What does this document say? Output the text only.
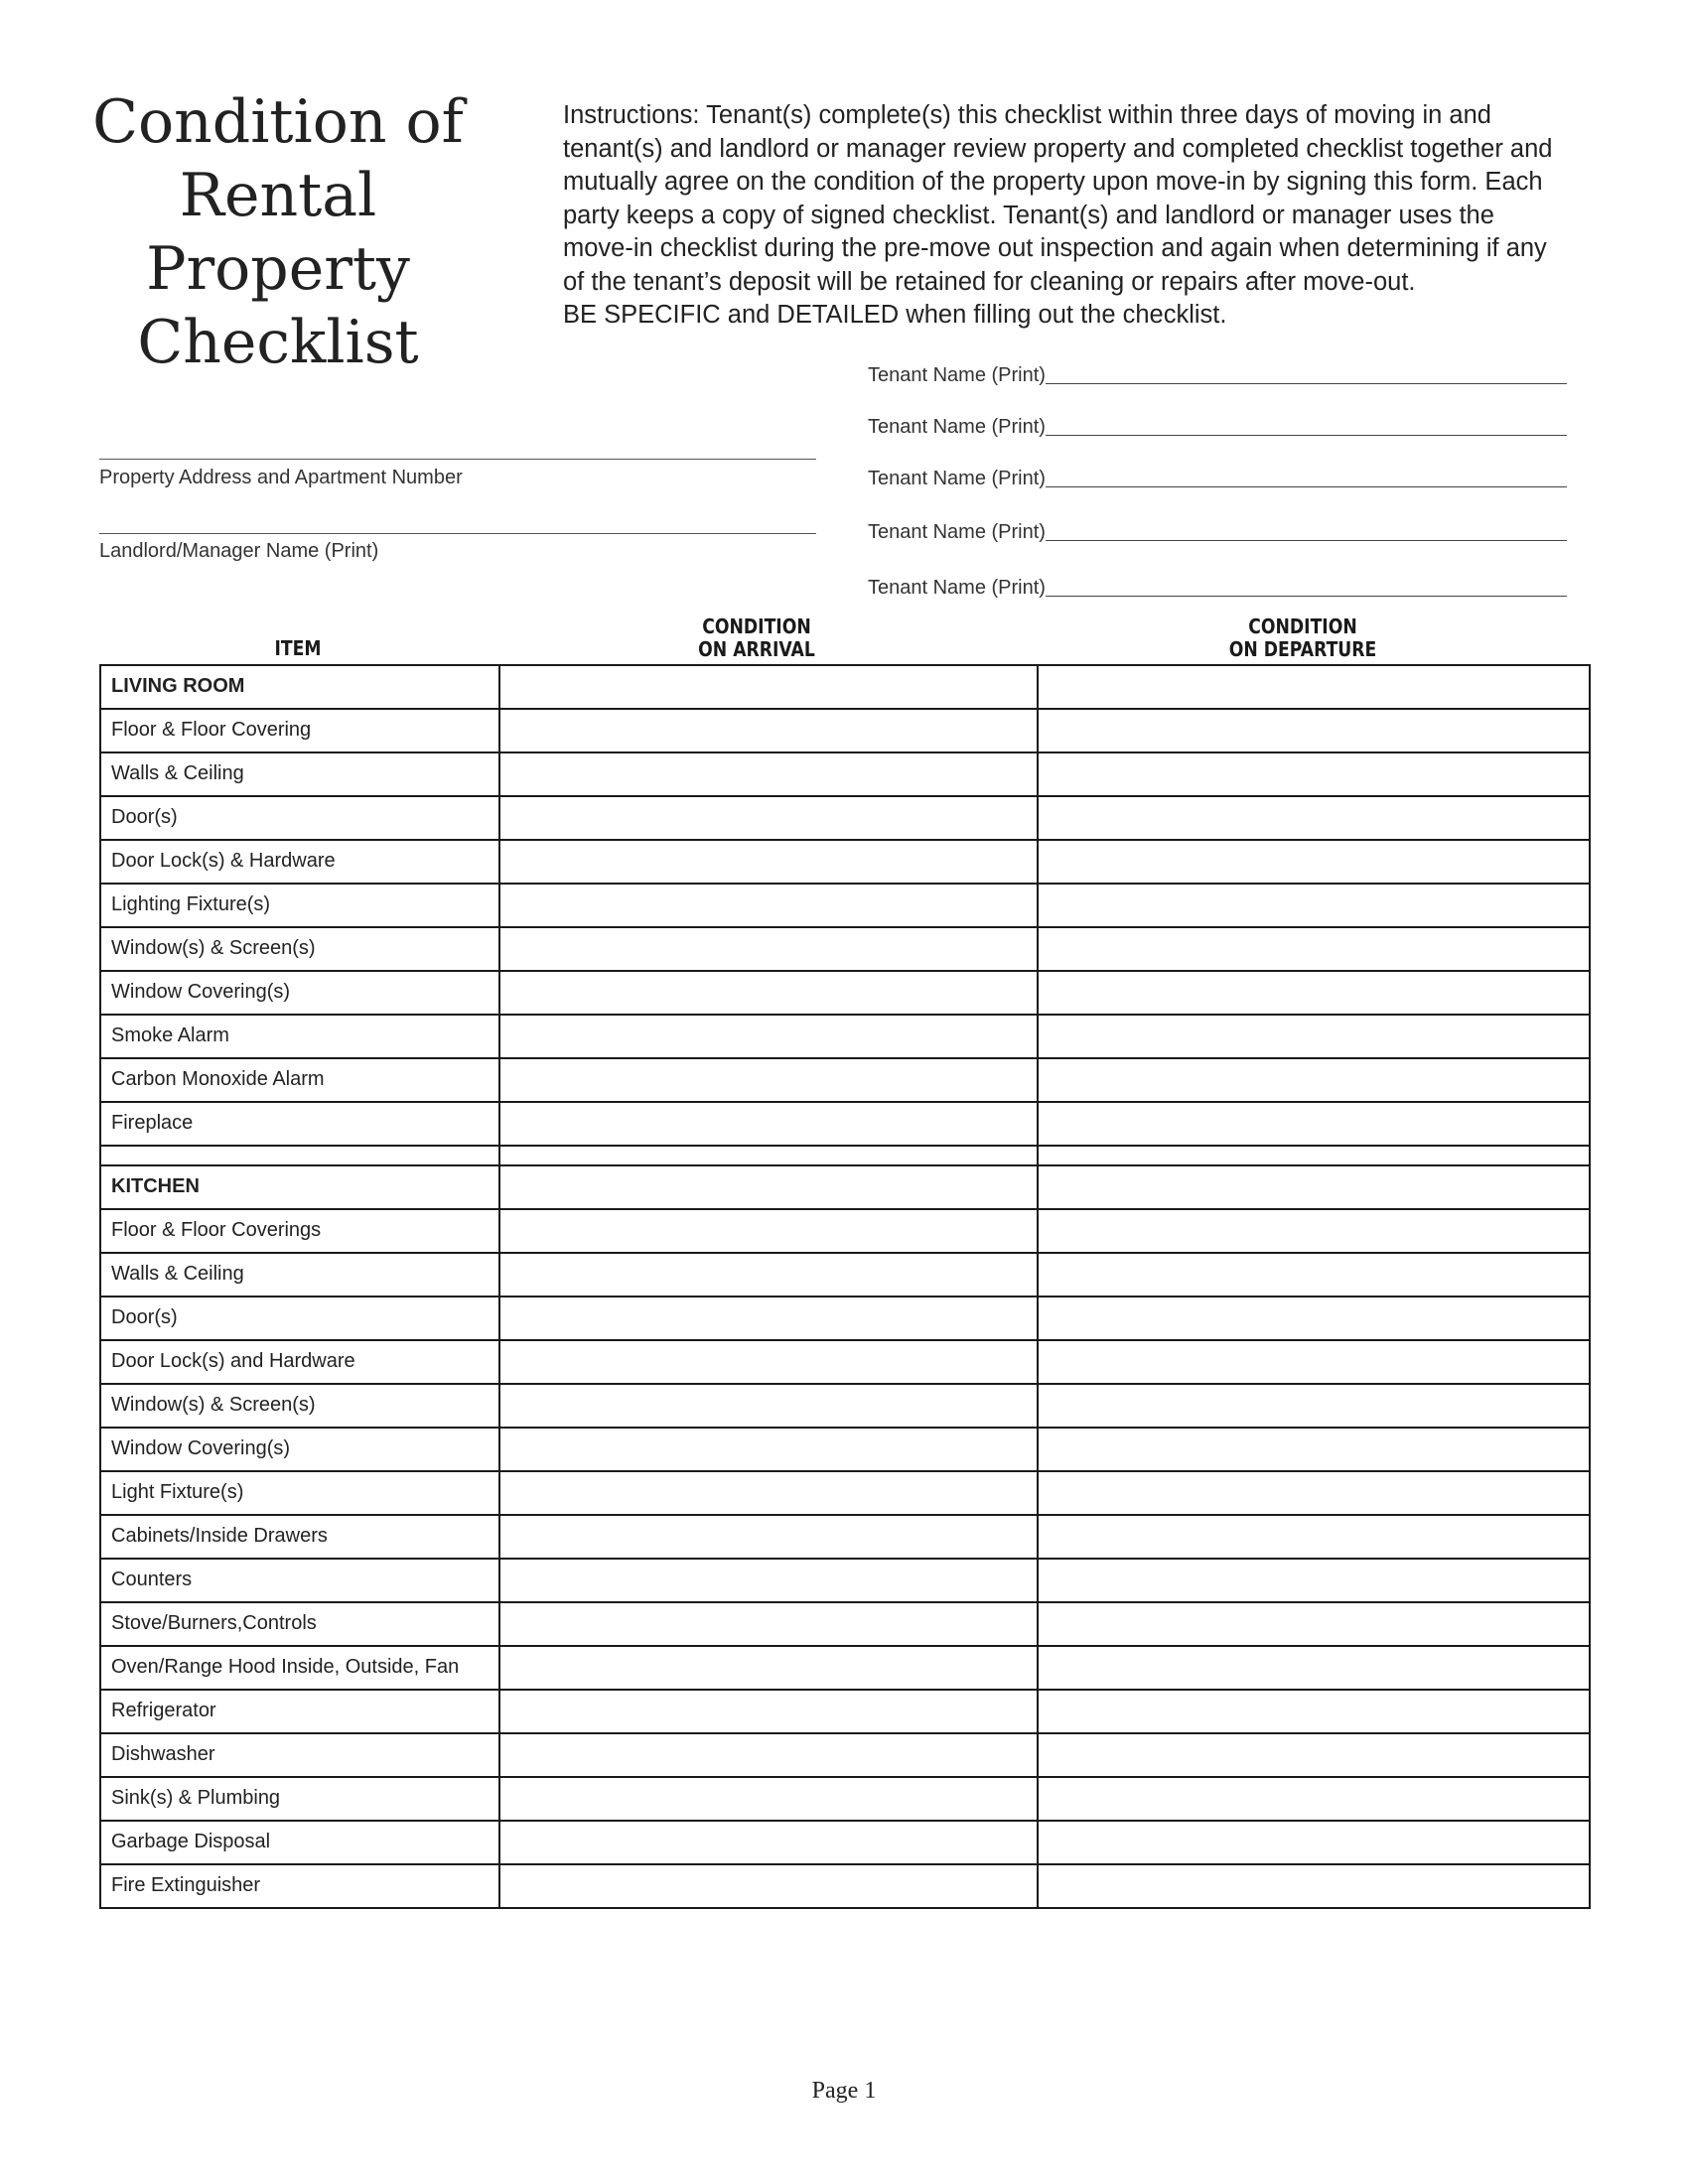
Condition of
Rental
Property
Checklist

Instructions: Tenant(s) complete(s) this checklist within three days of moving in and tenant(s) and landlord or manager review property and completed checklist together and mutually agree on the condition of the property upon move-in by signing this form. Each party keeps a copy of signed checklist. Tenant(s) and landlord or manager uses the move-in checklist during the pre-move out inspection and again when determining if any of the tenant’s deposit will be retained for cleaning or repairs after move-out.

BE SPECIFIC and DETAILED when filling out the checklist.

Tenant Name (Print)
Tenant Name (Print)
Tenant Name (Print)
Tenant Name (Print)
Tenant Name (Print)
Property Address and Apartment Number
Landlord/Manager Name (Print)
ITEM
CONDITION
ON ARRIVAL
CONDITION
ON DEPARTURE
LIVING ROOM		
Floor & Floor Covering		
Walls & Ceiling		
Door(s)		
Door Lock(s) & Hardware		
Lighting Fixture(s)		
Window(s) & Screen(s)		
Window Covering(s)		
Smoke Alarm		
Carbon Monoxide Alarm		
Fireplace		

KITCHEN		
Floor & Floor Coverings		
Walls & Ceiling		
Door(s)		
Door Lock(s) and Hardware		
Window(s) & Screen(s)		
Window Covering(s)		
Light Fixture(s)		
Cabinets/Inside Drawers		
Counters		
Stove/Burners,Controls		
Oven/Range Hood Inside, Outside, Fan		
Refrigerator		
Dishwasher		
Sink(s) & Plumbing		
Garbage Disposal		
Fire Extinguisher		
Page 1
